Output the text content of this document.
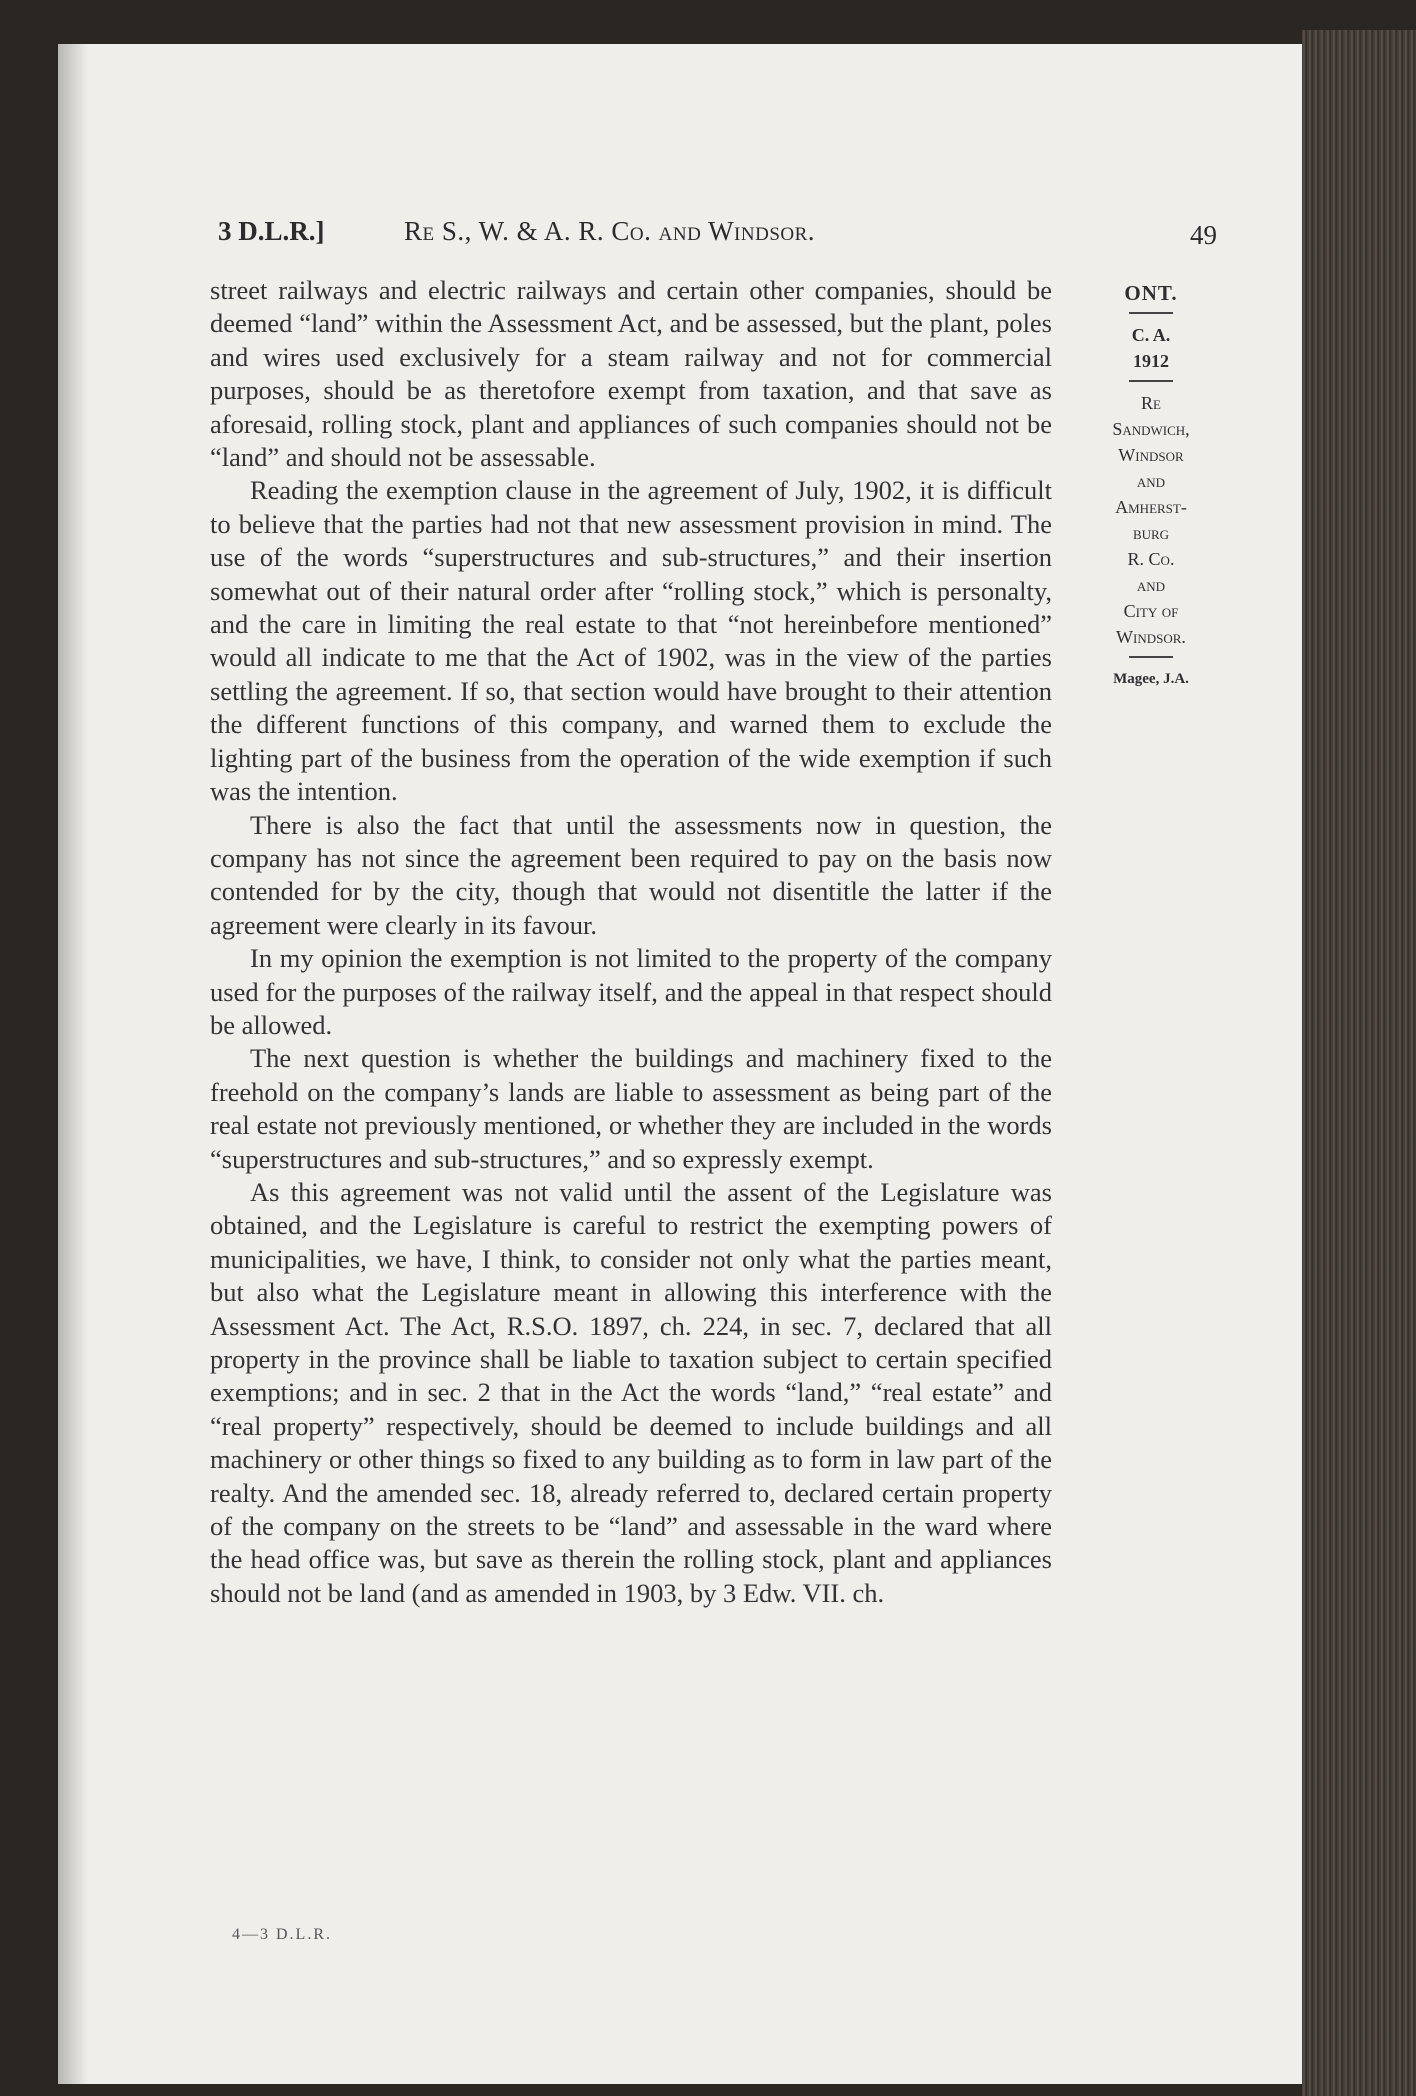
3 D.L.R.]	Re S., W. & A. R. Co. and Windsor.	49
ONT.
C. A.
1912
Re
Sandwich,
Windsor
and
Amherst-
burg
R. Co.
and
City of
Windsor.
Magee, J.A.

street railways and electric railways and certain other companies, should be deemed “land” within the Assessment Act, and be assessed, but the plant, poles and wires used exclusively for a steam railway and not for commercial purposes, should be as theretofore exempt from taxation, and that save as aforesaid, rolling stock, plant and appliances of such companies should not be “land” and should not be assessable.

Reading the exemption clause in the agreement of July, 1902, it is difficult to believe that the parties had not that new assessment provision in mind. The use of the words “superstructures and sub-structures,” and their insertion somewhat out of their natural order after “rolling stock,” which is personalty, and the care in limiting the real estate to that “not hereinbefore mentioned” would all indicate to me that the Act of 1902, was in the view of the parties settling the agreement. If so, that section would have brought to their attention the different functions of this company, and warned them to exclude the lighting part of the business from the operation of the wide exemption if such was the intention.

There is also the fact that until the assessments now in question, the company has not since the agreement been required to pay on the basis now contended for by the city, though that would not disentitle the latter if the agreement were clearly in its favour.

In my opinion the exemption is not limited to the property of the company used for the purposes of the railway itself, and the appeal in that respect should be allowed.

The next question is whether the buildings and machinery fixed to the freehold on the company’s lands are liable to assessment as being part of the real estate not previously mentioned, or whether they are included in the words “superstructures and sub-structures,” and so expressly exempt.

As this agreement was not valid until the assent of the Legislature was obtained, and the Legislature is careful to restrict the exempting powers of municipalities, we have, I think, to consider not only what the parties meant, but also what the Legislature meant in allowing this interference with the Assessment Act. The Act, R.S.O. 1897, ch. 224, in sec. 7, declared that all property in the province shall be liable to taxation subject to certain specified exemptions; and in sec. 2 that in the Act the words “land,” “real estate” and “real property” respectively, should be deemed to include buildings and all machinery or other things so fixed to any building as to form in law part of the realty. And the amended sec. 18, already referred to, declared certain property of the company on the streets to be “land” and assessable in the ward where the head office was, but save as therein the rolling stock, plant and appliances should not be land (and as amended in 1903, by 3 Edw. VII. ch.

4—3 D.L.R.
